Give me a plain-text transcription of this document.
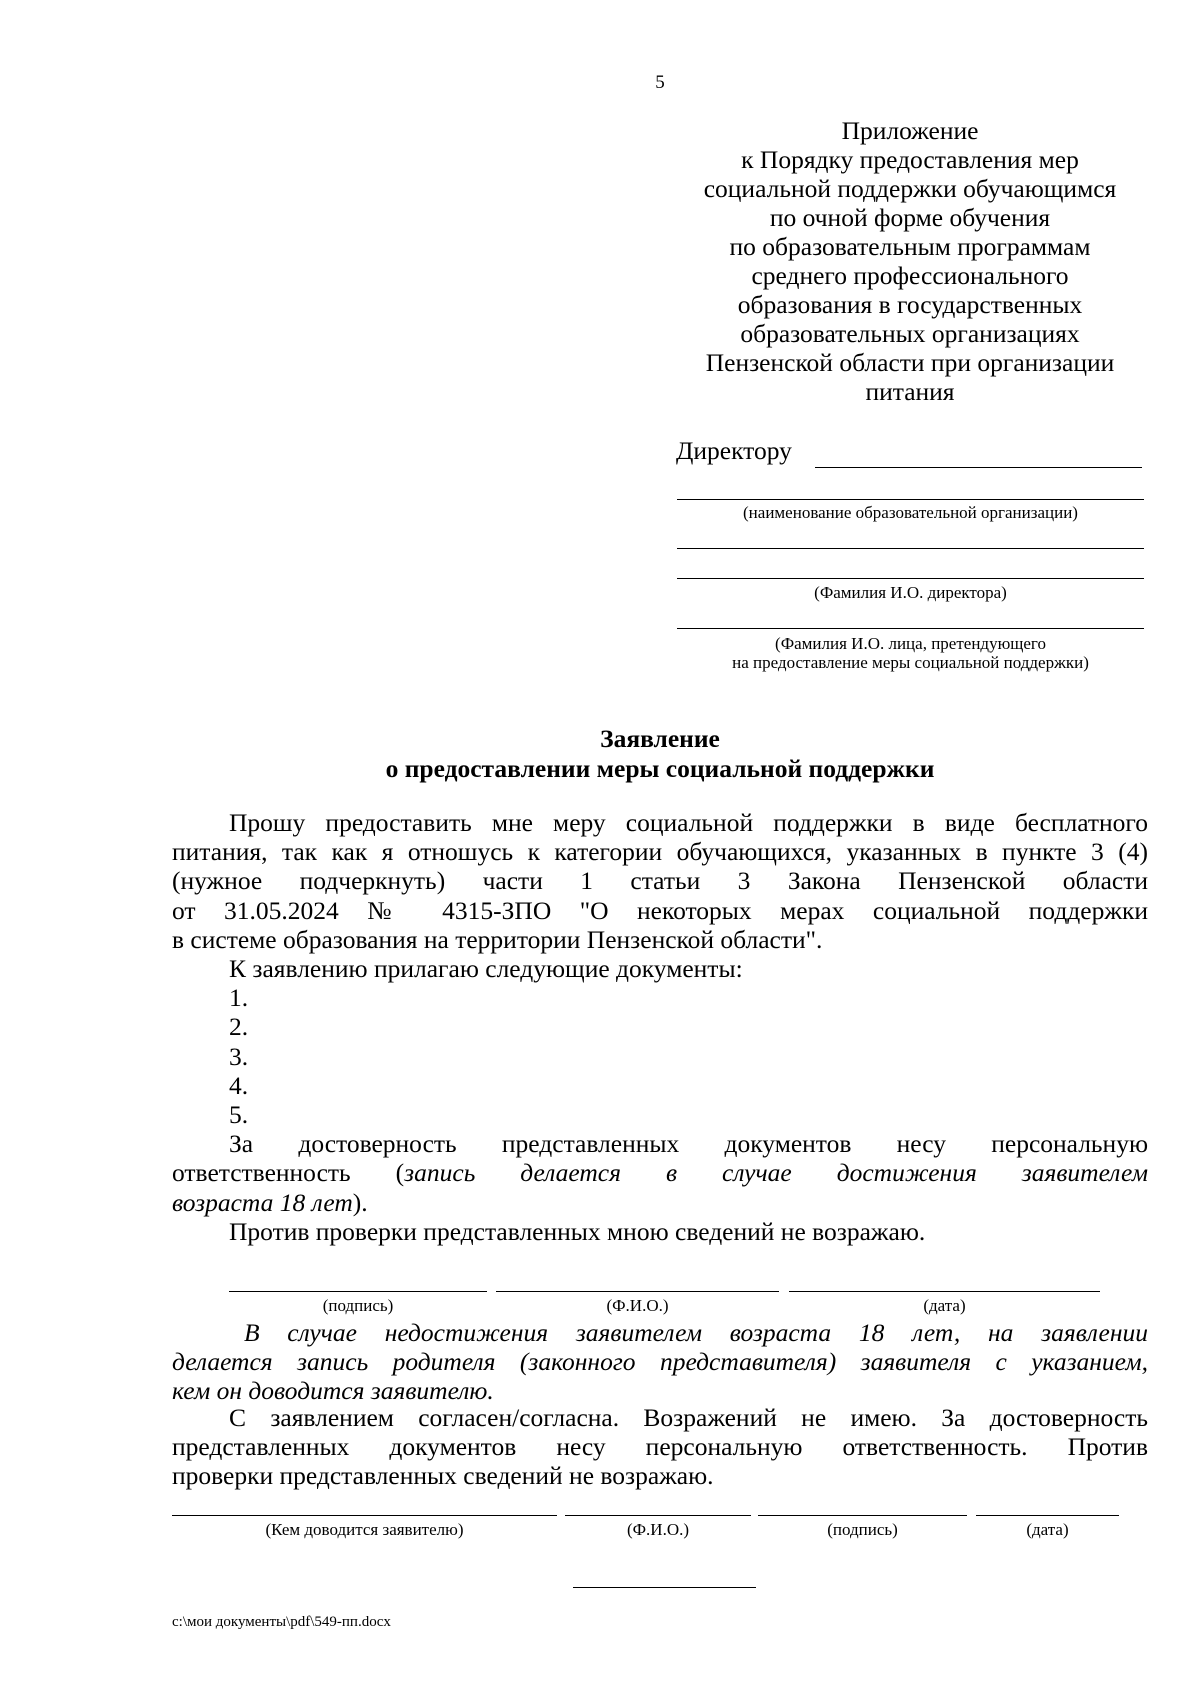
5
Приложение
к Порядку предоставления мер
социальной поддержки обучающимся
по очной форме обучения
по образовательным программам
среднего профессионального
образования в государственных
образовательных организациях
Пензенской области при организации
питания
Директору
(наименование образовательной организации)
(Фамилия И.О. директора)
(Фамилия И.О. лица, претендующего
на предоставление меры социальной поддержки)
Заявление
о предоставлении меры социальной поддержки

Прошу предоставить мне меру социальной поддержки в виде бесплатного

питания, так как я отношусь к категории обучающихся, указанных в пункте 3 (4)

(нужное подчеркнуть) части 1 статьи 3 Закона Пензенской области

от 31.05.2024 № 4315-ЗПО "О некоторых мерах социальной поддержки

в системе образования на территории Пензенской области".

К заявлению прилагаю следующие документы:

1.

2.

3.

4.

5.

За достоверность представленных документов несу персональную

ответственность (запись делается в случае достижения заявителем

возраста 18 лет).

Против проверки представленных мною сведений не возражаю.

(подпись)	(Ф.И.О.)	(дата)

В случае недостижения заявителем возраста 18 лет, на заявлении

делается запись родителя (законного представителя) заявителя с указанием,

кем он доводится заявителю.

С заявлением согласен/согласна. Возражений не имею. За достоверность

представленных документов несу персональную ответственность. Против

проверки представленных сведений не возражаю.

(Кем доводится заявителю)	(Ф.И.О.)	(подпись)	(дата)
c:\мои документы\pdf\549-пп.docx
